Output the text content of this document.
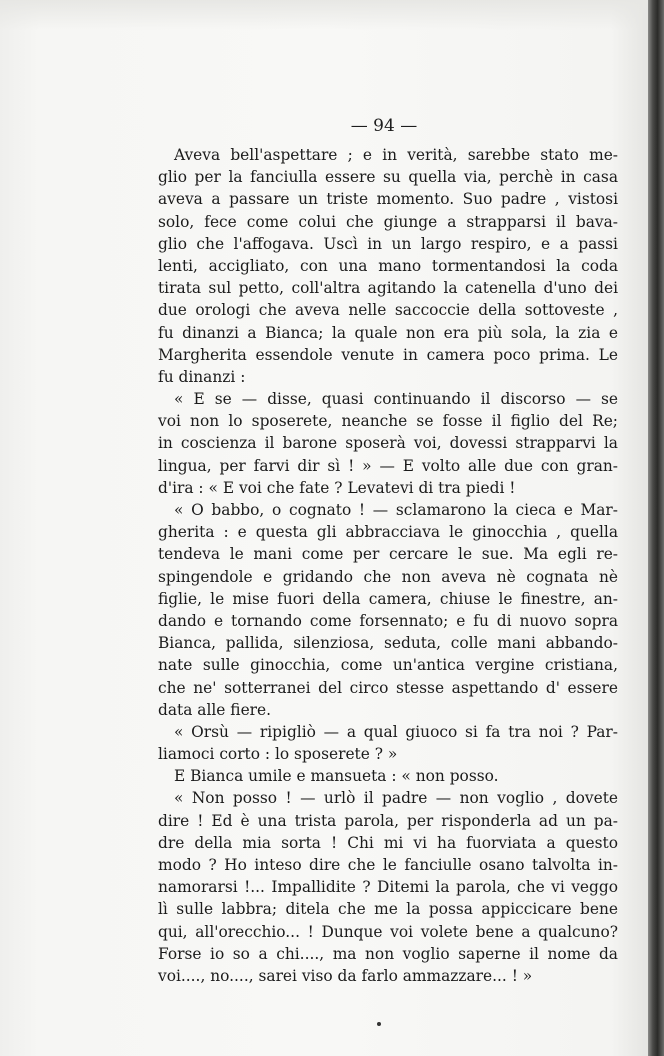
— 94 —
Aveva bell'aspettare ; e in verità, sarebbe stato me-
glio per la fanciulla essere su quella via, perchè in casa
aveva a passare un triste momento. Suo padre , vistosi
solo, fece come colui che giunge a strapparsi il bava-
glio che l'affogava. Uscì in un largo respiro, e a passi
lenti, accigliato, con una mano tormentandosi la coda
tirata sul petto, coll'altra agitando la catenella d'uno dei
due orologi che aveva nelle saccoccie della sottoveste ,
fu dinanzi a Bianca; la quale non era più sola, la zia e
Margherita essendole venute in camera poco prima. Le
fu dinanzi :
« E se — disse, quasi continuando il discorso — se
voi non lo sposerete, neanche se fosse il figlio del Re;
in coscienza il barone sposerà voi, dovessi strapparvi la
lingua, per farvi dir sì ! » — E volto alle due con gran-
d'ira : « E voi che fate ? Levatevi di tra piedi !
« O babbo, o cognato ! — sclamarono la cieca e Mar-
gherita : e questa gli abbracciava le ginocchia , quella
tendeva le mani come per cercare le sue. Ma egli re-
spingendole e gridando che non aveva nè cognata nè
figlie, le mise fuori della camera, chiuse le finestre, an-
dando e tornando come forsennato; e fu di nuovo sopra
Bianca, pallida, silenziosa, seduta, colle mani abbando-
nate sulle ginocchia, come un'antica vergine cristiana,
che ne' sotterranei del circo stesse aspettando d' essere
data alle fiere.
« Orsù — ripigliò — a qual giuoco si fa tra noi ? Par-
liamoci corto : lo sposerete ? »
E Bianca umile e mansueta : « non posso.
« Non posso ! — urlò il padre — non voglio , dovete
dire ! Ed è una trista parola, per risponderla ad un pa-
dre della mia sorta ! Chi mi vi ha fuorviata a questo
modo ? Ho inteso dire che le fanciulle osano talvolta in-
namorarsi !... Impallidite ? Ditemi la parola, che vi veggo
lì sulle labbra; ditela che me la possa appiccicare bene
qui, all'orecchio... ! Dunque voi volete bene a qualcuno?
Forse io so a chi...., ma non voglio saperne il nome da
voi...., no...., sarei viso da farlo ammazzare... ! »
